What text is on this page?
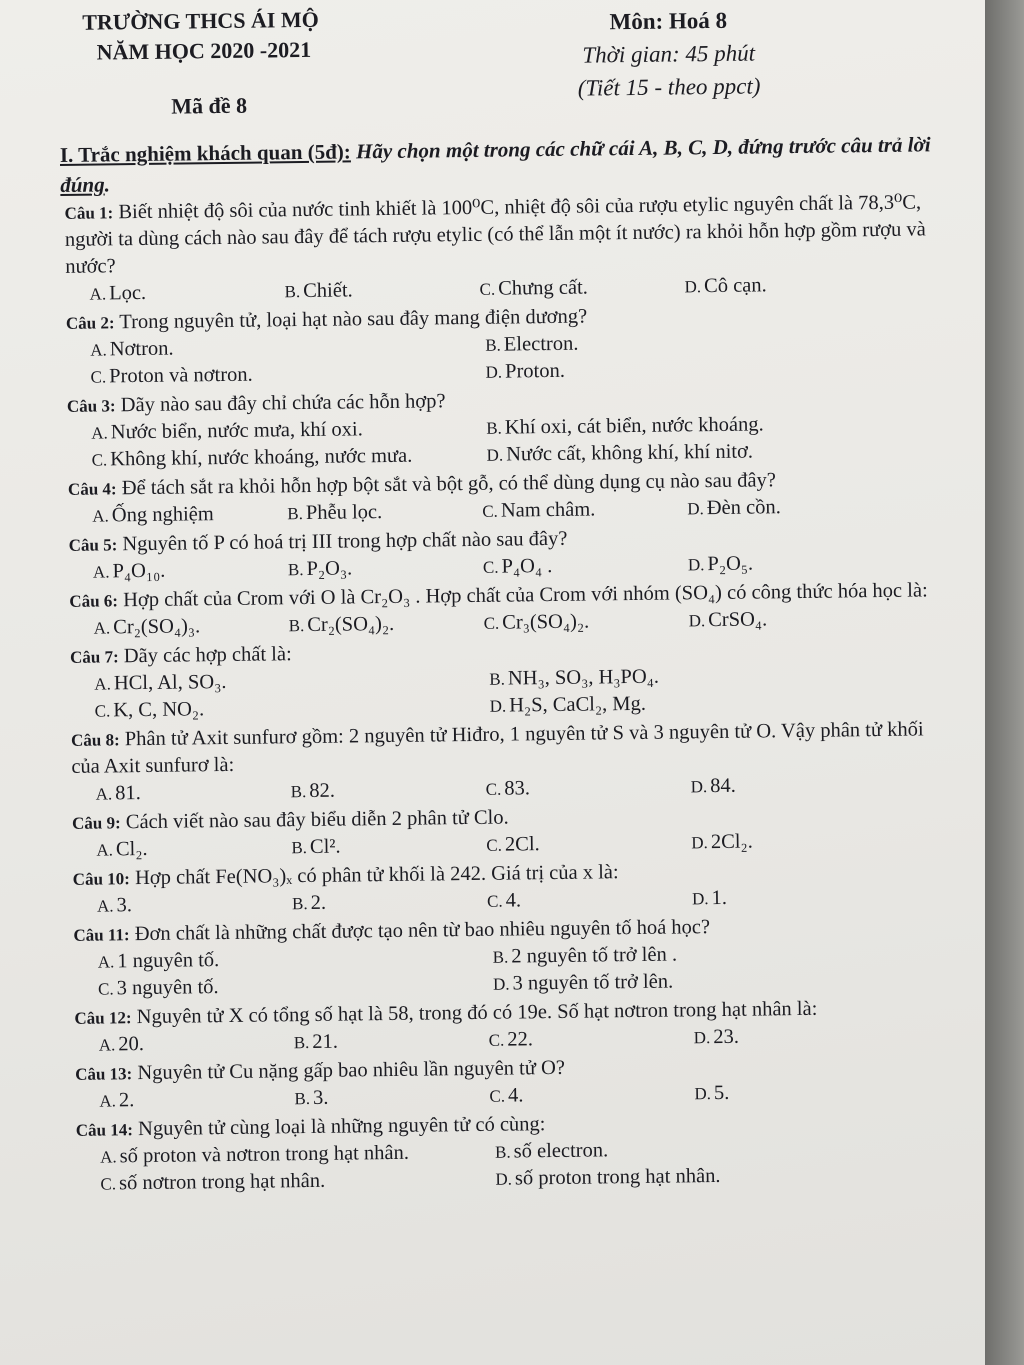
TRƯỜNG THCS ÁI MỘ
NĂM HỌC 2020 -2021
Mã đề 8
Môn: Hoá 8
Thời gian: 45 phút
(Tiết 15 - theo ppct)
I. Trắc nghiệm khách quan (5đ): Hãy chọn một trong các chữ cái A, B, C, D, đứng trước câu trả lời đúng.
Câu 1: Biết nhiệt độ sôi của nước tinh khiết là 100⁰C, nhiệt độ sôi của rượu etylic nguyên chất là 78,3⁰C, người ta dùng cách nào sau đây để tách rượu etylic (có thể lẫn một ít nước) ra khỏi hỗn hợp gồm rượu và nước?
A. Lọc.	B. Chiết.	C. Chưng cất.	D. Cô cạn.
Câu 2: Trong nguyên tử, loại hạt nào sau đây mang điện dương?
A. Nơtron.	B. Electron.
C. Proton và nơtron.	D. Proton.
Câu 3: Dãy nào sau đây chỉ chứa các hỗn hợp?
A. Nước biển, nước mưa, khí oxi.	B. Khí oxi, cát biển, nước khoáng.
C. Không khí, nước khoáng, nước mưa.	D. Nước cất, không khí, khí nitơ.
Câu 4: Để tách sắt ra khỏi hỗn hợp bột sắt và bột gỗ, có thể dùng dụng cụ nào sau đây?
A. Ống nghiệm	B. Phễu lọc.	C. Nam châm.	D. Đèn cồn.
Câu 5: Nguyên tố P có hoá trị III trong hợp chất nào sau đây?
A. P₄O₁₀.	B. P₂O₃.	C. P₄O₄ .	D. P₂O₅.
Câu 6: Hợp chất của Crom với O là Cr₂O₃ . Hợp chất của Crom với nhóm (SO₄) có công thức hóa học là:
A. Cr₂(SO₄)₃.	B. Cr₂(SO₄)₂.	C. Cr₃(SO₄)₂.	D. CrSO₄.
Câu 7: Dãy các hợp chất là:
A. HCl, Al, SO₃.	B. NH₃, SO₃, H₃PO₄.
C. K, C, NO₂.	D. H₂S, CaCl₂, Mg.
Câu 8: Phân tử Axit sunfurơ gồm: 2 nguyên tử Hiđro, 1 nguyên tử S và 3 nguyên tử O. Vậy phân tử khối của Axit sunfurơ là:
A. 81.	B. 82.	C. 83.	D. 84.
Câu 9: Cách viết nào sau đây biểu diễn 2 phân tử Clo.
A. Cl₂.	B. Cl².	C. 2Cl.	D. 2Cl₂.
Câu 10: Hợp chất Fe(NO₃)ₓ có phân tử khối là 242. Giá trị của x là:
A. 3.	B. 2.	C. 4.	D. 1.
Câu 11: Đơn chất là những chất được tạo nên từ bao nhiêu nguyên tố hoá học?
A. 1 nguyên tố.	B. 2 nguyên tố trở lên .
C. 3 nguyên tố.	D. 3 nguyên tố trở lên.
Câu 12: Nguyên tử X có tổng số hạt là 58, trong đó có 19e. Số hạt nơtron trong hạt nhân là:
A. 20.	B. 21.	C. 22.	D. 23.
Câu 13: Nguyên tử Cu nặng gấp bao nhiêu lần nguyên tử O?
A. 2.	B. 3.	C. 4.	D. 5.
Câu 14: Nguyên tử cùng loại là những nguyên tử có cùng:
A. số proton và nơtron trong hạt nhân.	B. số electron.
C. số nơtron trong hạt nhân.	D. số proton trong hạt nhân.
